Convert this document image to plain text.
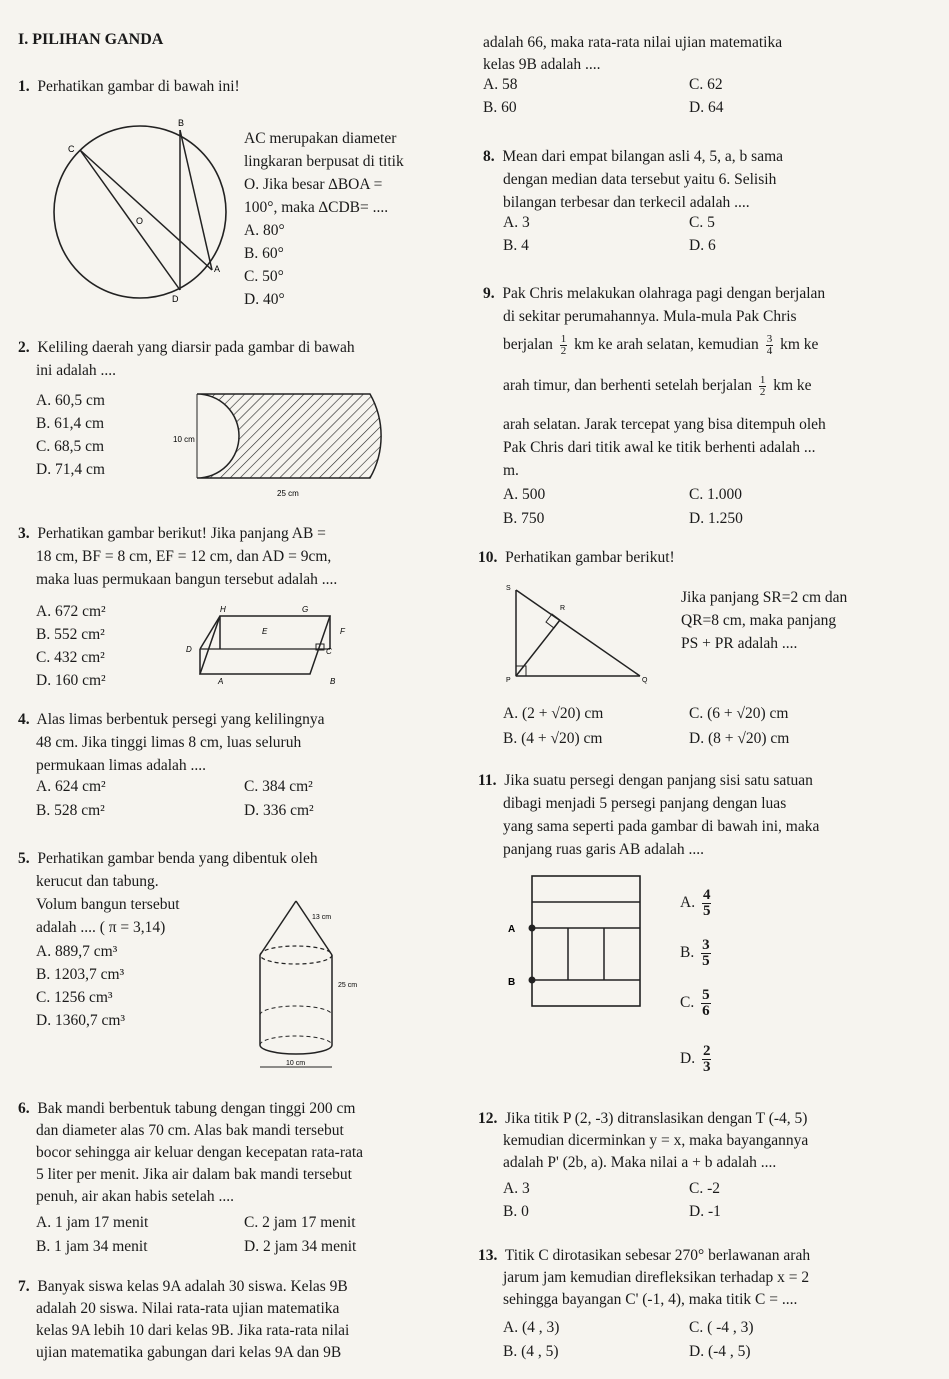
I. PILIHAN GANDA
1. Perhatikan gambar di bawah ini!
B
C
O
A
D
AC merupakan diameter
lingkaran berpusat di titik
O. Jika besar ∆BOA =
100°, maka ∆CDB= ....
A. 80°
B. 60°
C. 50°
D. 40°
2. Keliling daerah yang diarsir pada gambar di bawah
ini adalah ....
A. 60,5 cm
B. 61,4 cm
C. 68,5 cm
D. 71,4 cm
10 cm
25 cm
3. Perhatikan gambar berikut! Jika panjang AB =
18 cm, BF = 8 cm, EF = 12 cm, dan AD = 9cm,
maka luas permukaan bangun tersebut adalah ....
A. 672 cm²
B. 552 cm²
C. 432 cm²
D. 160 cm²
H	G
E	F
D	C
A	B
4. Alas limas berbentuk persegi yang kelilingnya
48 cm. Jika tinggi limas 8 cm, luas seluruh
permukaan limas adalah ....
A. 624 cm²	C. 384 cm²
B. 528 cm²	D. 336 cm²
5. Perhatikan gambar benda yang dibentuk oleh
kerucut dan tabung.
Volum bangun tersebut
adalah .... ( π = 3,14)
A. 889,7 cm³
B. 1203,7 cm³
C. 1256 cm³
D. 1360,7 cm³
13 cm
25 cm
10 cm
6. Bak mandi berbentuk tabung dengan tinggi 200 cm
dan diameter alas 70 cm. Alas bak mandi tersebut
bocor sehingga air keluar dengan kecepatan rata-rata
5 liter per menit. Jika air dalam bak mandi tersebut
penuh, air akan habis setelah ....
A. 1 jam 17 menit	C. 2 jam 17 menit
B. 1 jam 34 menit	D. 2 jam 34 menit
7. Banyak siswa kelas 9A adalah 30 siswa. Kelas 9B
adalah 20 siswa. Nilai rata-rata ujian matematika
kelas 9A lebih 10 dari kelas 9B. Jika rata-rata nilai
ujian matematika gabungan dari kelas 9A dan 9B
adalah 66, maka rata-rata nilai ujian matematika
kelas 9B adalah ....
A. 58	C. 62
B. 60	D. 64
8. Mean dari empat bilangan asli 4, 5, a, b sama
dengan median data tersebut yaitu 6. Selisih
bilangan terbesar dan terkecil adalah ....
A. 3	C. 5
B. 4	D. 6
9. Pak Chris melakukan olahraga pagi dengan berjalan
di sekitar perumahannya. Mula-mula Pak Chris
berjalan $\frac{1}{2}$ km ke arah selatan, kemudian $\frac{3}{4}$ km ke
arah timur, dan berhenti setelah berjalan $\frac{1}{2}$ km ke
arah selatan. Jarak tercepat yang bisa ditempuh oleh
Pak Chris dari titik awal ke titik berhenti adalah ...
m.
A. 500	C. 1.000
B. 750	D. 1.250
10. Perhatikan gambar berikut!
S
R
P	Q
Jika panjang SR=2 cm dan
QR=8 cm, maka panjang
PS + PR adalah ....
A. (2 + √20) cm	C. (6 + √20) cm
B. (4 + √20) cm	D. (8 + √20) cm
11. Jika suatu persegi dengan panjang sisi satu satuan
dibagi menjadi 5 persegi panjang dengan luas
yang sama seperti pada gambar di bawah ini, maka
panjang ruas garis AB adalah ....
A
B
A. $\frac{4}{5}$
B. $\frac{3}{5}$
C. $\frac{5}{6}$
D. $\frac{2}{3}$
12. Jika titik P (2, -3) ditranslasikan dengan T (-4, 5)
kemudian dicerminkan y = x, maka bayangannya
adalah P' (2b, a). Maka nilai a + b adalah ....
A. 3	C. -2
B. 0	D. -1
13. Titik C dirotasikan sebesar 270° berlawanan arah
jarum jam kemudian direfleksikan terhadap x = 2
sehingga bayangan C' (-1, 4), maka titik C = ....
A. (4 , 3)	C. ( -4 , 3)
B. (4 , 5)	D. (-4 , 5)
